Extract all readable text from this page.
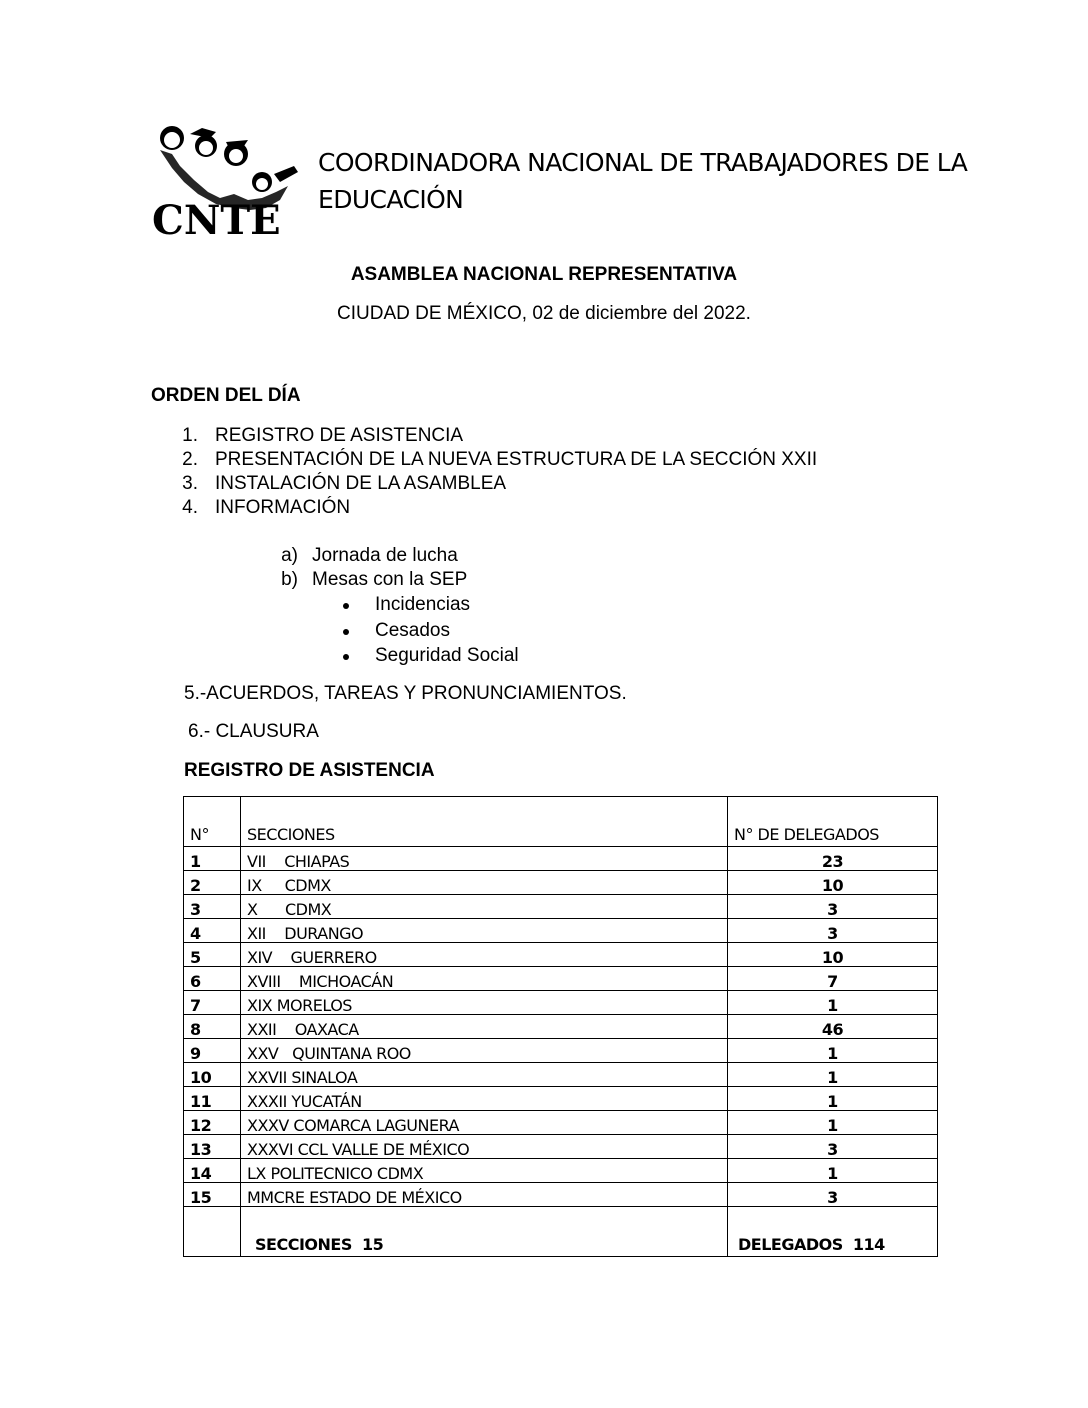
CNTE
COORDINADORA NACIONAL DE TRABAJADORES DE LA
EDUCACIÓN
ASAMBLEA NACIONAL REPRESENTATIVA
CIUDAD DE MÉXICO, 02 de diciembre del 2022.
ORDEN DEL DÍA
1. REGISTRO DE ASISTENCIA
2. PRESENTACIÓN DE LA NUEVA ESTRUCTURA DE LA SECCIÓN XXII
3. INSTALACIÓN DE LA ASAMBLEA
4. INFORMACIÓN
a) Jornada de lucha
b) Mesas con la SEP
Incidencias
Cesados
Seguridad Social
5.-ACUERDOS, TAREAS Y PRONUNCIAMIENTOS.
6.- CLAUSURA
REGISTRO DE ASISTENCIA
N°	SECCIONES	N° DE DELEGADOS
1	VII    CHIAPAS	23
2	IX     CDMX	10
3	X      CDMX	3
4	XII    DURANGO	3
5	XIV    GUERRERO	10
6	XVIII    MICHOACÁN	7
7	XIX MORELOS	1
8	XXII    OAXACA	46
9	XXV   QUINTANA ROO	1
10	XXVII SINALOA	1
11	XXXII YUCATÁN	1
12	XXXV COMARCA LAGUNERA	1
13	XXXVI CCL VALLE DE MÉXICO	3
14	LX POLITECNICO CDMX	1
15	MMCRE ESTADO DE MÉXICO	3
	SECCIONES  15	DELEGADOS  114
